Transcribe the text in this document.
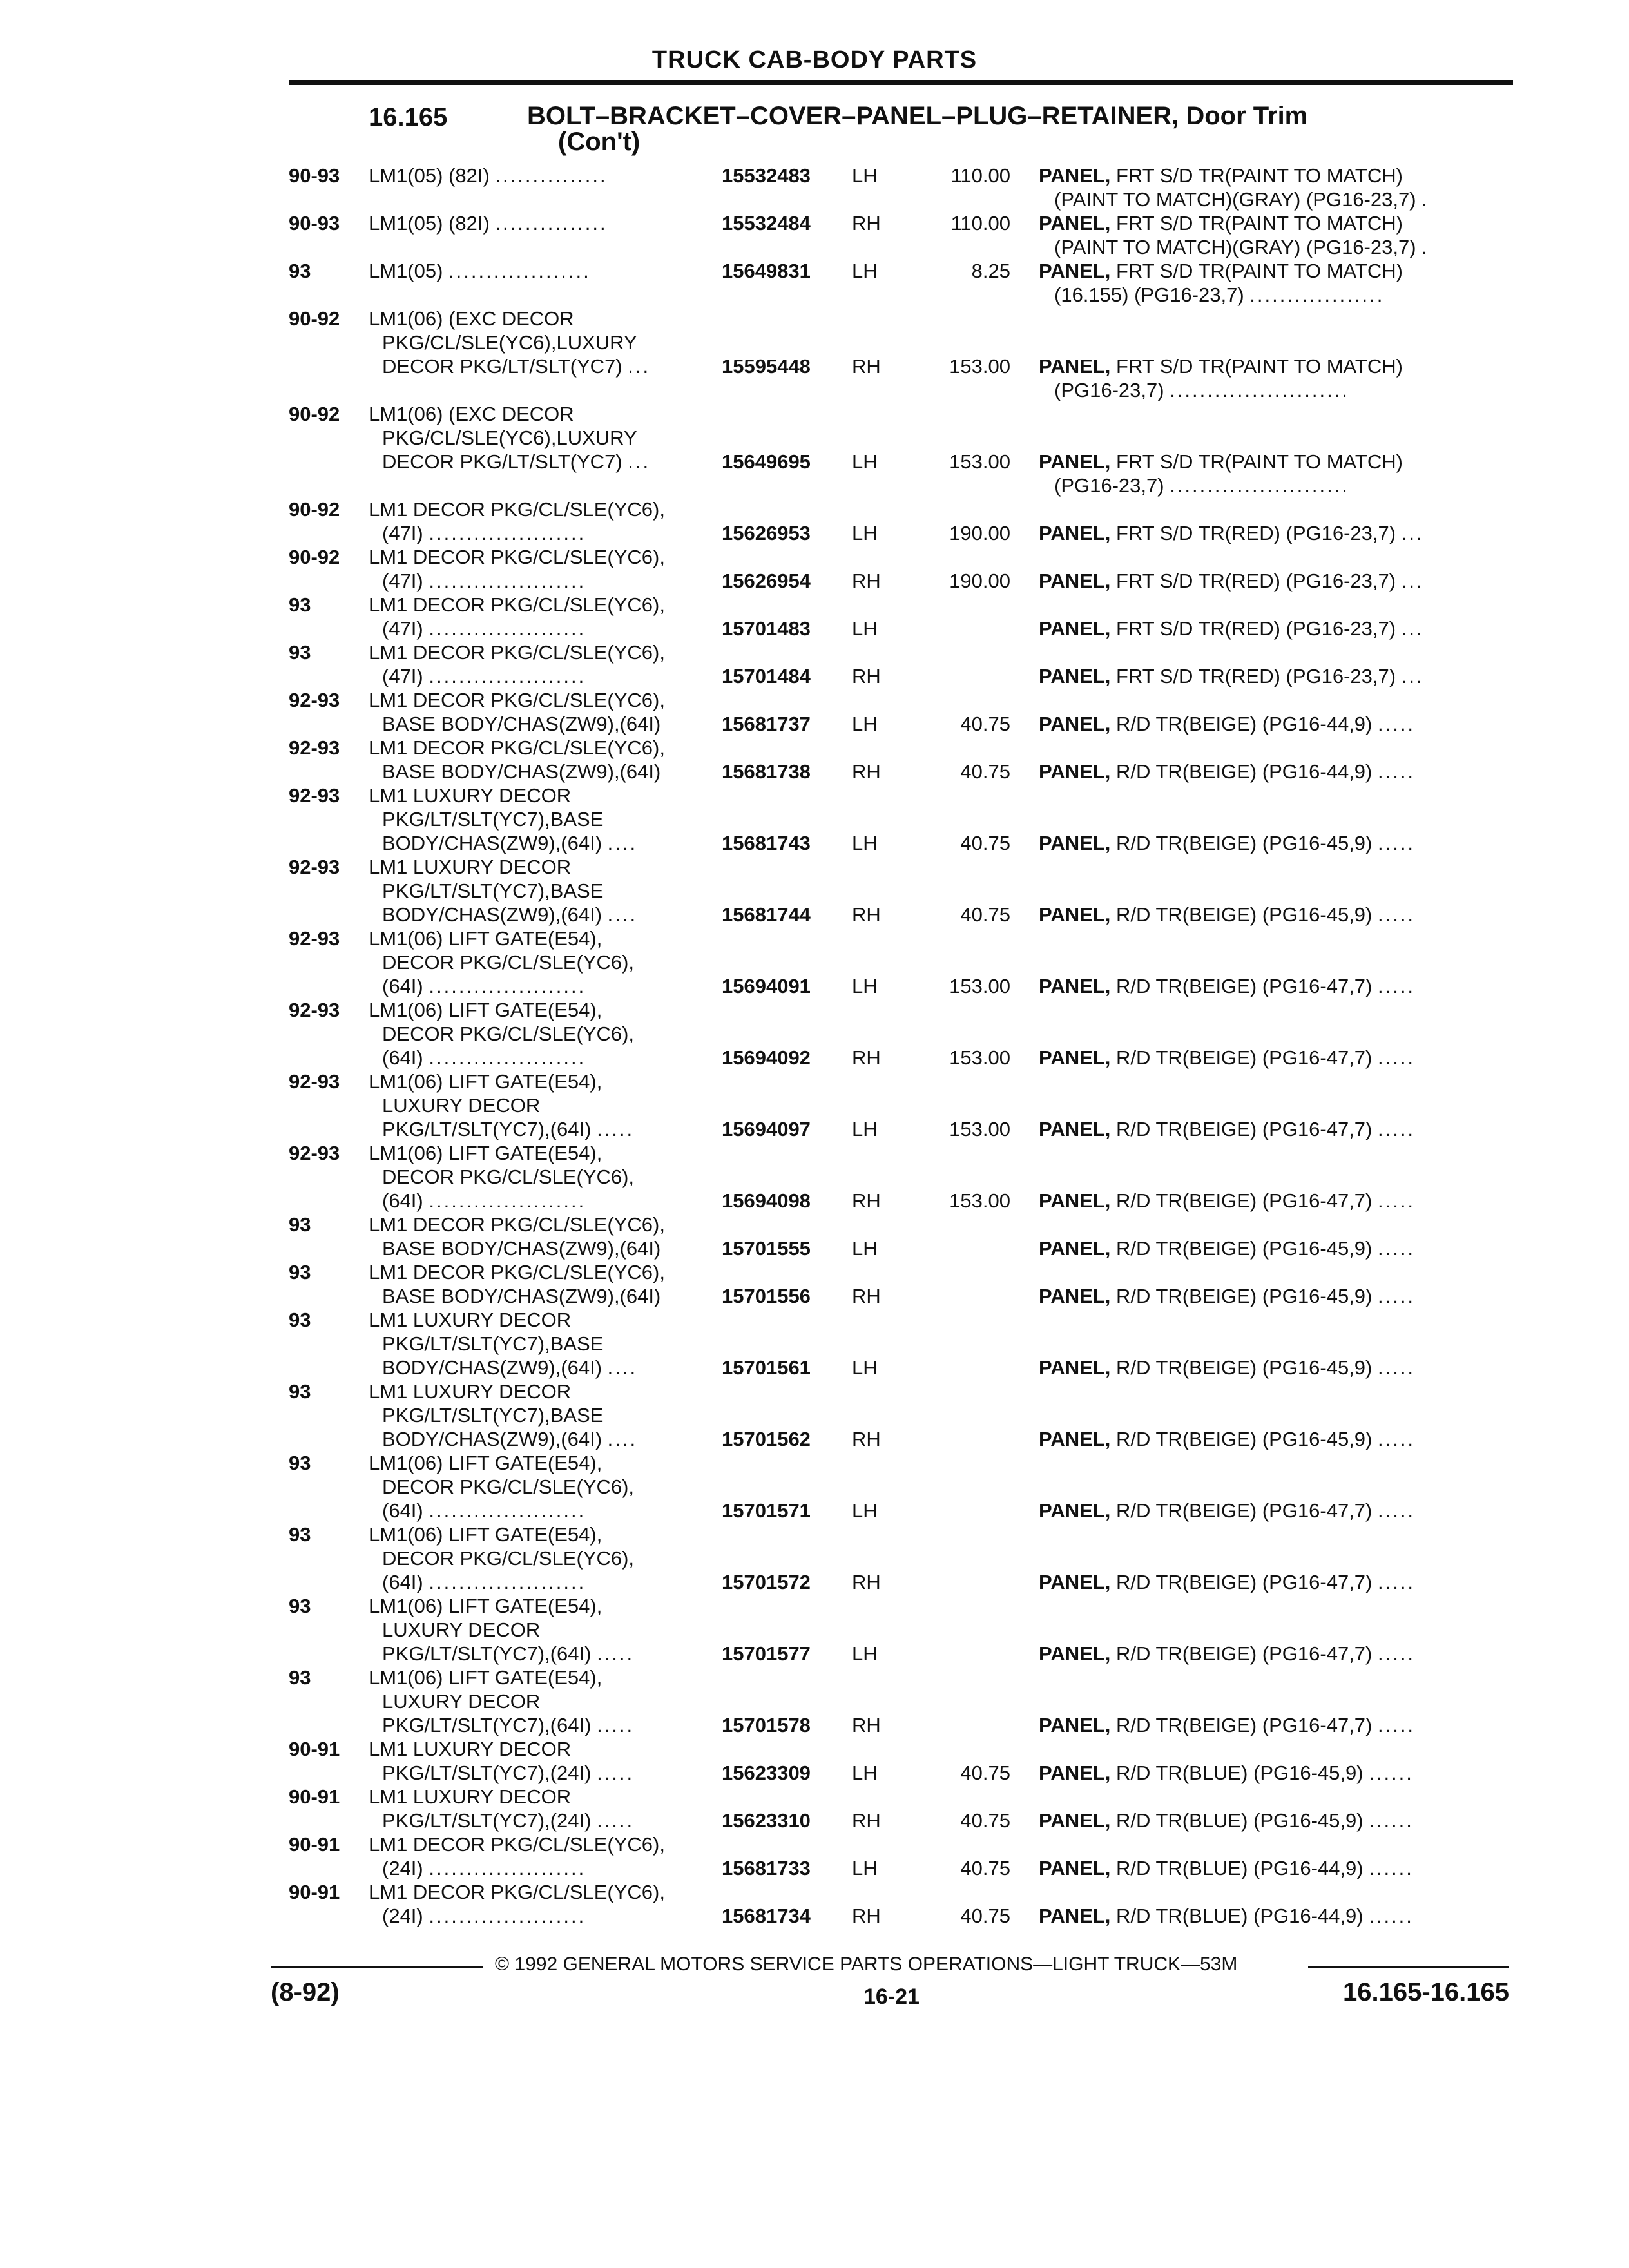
TRUCK CAB-BODY PARTS
16.165	BOLT–BRACKET–COVER–PANEL–PLUG–RETAINER, Door Trim
(Con't)
90-93 LM1(05) (82I) ...............	15532483 LH	110.00 PANEL, FRT S/D TR(PAINT TO MATCH)
(PAINT TO MATCH)(GRAY) (PG16-23,7) .
90-93 LM1(05) (82I) ...............	15532484 RH	110.00 PANEL, FRT S/D TR(PAINT TO MATCH)
(PAINT TO MATCH)(GRAY) (PG16-23,7) .
93	LM1(05) ...................	15649831 LH	8.25 PANEL, FRT S/D TR(PAINT TO MATCH)
(16.155) (PG16-23,7) ..................
90-92 LM1(06) (EXC DECOR
PKG/CL/SLE(YC6),LUXURY
DECOR PKG/LT/SLT(YC7) ...	15595448 RH	153.00 PANEL, FRT S/D TR(PAINT TO MATCH)
(PG16-23,7) ........................
90-92 LM1(06) (EXC DECOR
PKG/CL/SLE(YC6),LUXURY
DECOR PKG/LT/SLT(YC7) ...	15649695 LH	153.00 PANEL, FRT S/D TR(PAINT TO MATCH)
(PG16-23,7) ........................
90-92 LM1 DECOR PKG/CL/SLE(YC6),
(47I) .....................	15626953 LH	190.00 PANEL, FRT S/D TR(RED) (PG16-23,7) ...
90-92 LM1 DECOR PKG/CL/SLE(YC6),
(47I) .....................	15626954 RH	190.00 PANEL, FRT S/D TR(RED) (PG16-23,7) ...
93	LM1 DECOR PKG/CL/SLE(YC6),
(47I) .....................	15701483 LH	PANEL, FRT S/D TR(RED) (PG16-23,7) ...
93	LM1 DECOR PKG/CL/SLE(YC6),
(47I) .....................	15701484 RH	PANEL, FRT S/D TR(RED) (PG16-23,7) ...
92-93 LM1 DECOR PKG/CL/SLE(YC6),
BASE BODY/CHAS(ZW9),(64I)	15681737 LH	40.75 PANEL, R/D TR(BEIGE) (PG16-44,9) .....
92-93 LM1 DECOR PKG/CL/SLE(YC6),
BASE BODY/CHAS(ZW9),(64I)	15681738 RH	40.75 PANEL, R/D TR(BEIGE) (PG16-44,9) .....
92-93 LM1 LUXURY DECOR
PKG/LT/SLT(YC7),BASE
BODY/CHAS(ZW9),(64I) ....	15681743 LH	40.75 PANEL, R/D TR(BEIGE) (PG16-45,9) .....
92-93 LM1 LUXURY DECOR
PKG/LT/SLT(YC7),BASE
BODY/CHAS(ZW9),(64I) ....	15681744 RH	40.75 PANEL, R/D TR(BEIGE) (PG16-45,9) .....
92-93 LM1(06) LIFT GATE(E54),
DECOR PKG/CL/SLE(YC6),
(64I) .....................	15694091 LH	153.00 PANEL, R/D TR(BEIGE) (PG16-47,7) .....
92-93 LM1(06) LIFT GATE(E54),
DECOR PKG/CL/SLE(YC6),
(64I) .....................	15694092 RH	153.00 PANEL, R/D TR(BEIGE) (PG16-47,7) .....
92-93 LM1(06) LIFT GATE(E54),
LUXURY DECOR
PKG/LT/SLT(YC7),(64I) .....	15694097 LH	153.00 PANEL, R/D TR(BEIGE) (PG16-47,7) .....
92-93 LM1(06) LIFT GATE(E54),
DECOR PKG/CL/SLE(YC6),
(64I) .....................	15694098 RH	153.00 PANEL, R/D TR(BEIGE) (PG16-47,7) .....
93	LM1 DECOR PKG/CL/SLE(YC6),
BASE BODY/CHAS(ZW9),(64I)	15701555 LH	PANEL, R/D TR(BEIGE) (PG16-45,9) .....
93	LM1 DECOR PKG/CL/SLE(YC6),
BASE BODY/CHAS(ZW9),(64I)	15701556 RH	PANEL, R/D TR(BEIGE) (PG16-45,9) .....
93	LM1 LUXURY DECOR
PKG/LT/SLT(YC7),BASE
BODY/CHAS(ZW9),(64I) ....	15701561 LH	PANEL, R/D TR(BEIGE) (PG16-45,9) .....
93	LM1 LUXURY DECOR
PKG/LT/SLT(YC7),BASE
BODY/CHAS(ZW9),(64I) ....	15701562 RH	PANEL, R/D TR(BEIGE) (PG16-45,9) .....
93	LM1(06) LIFT GATE(E54),
DECOR PKG/CL/SLE(YC6),
(64I) .....................	15701571 LH	PANEL, R/D TR(BEIGE) (PG16-47,7) .....
93	LM1(06) LIFT GATE(E54),
DECOR PKG/CL/SLE(YC6),
(64I) .....................	15701572 RH	PANEL, R/D TR(BEIGE) (PG16-47,7) .....
93	LM1(06) LIFT GATE(E54),
LUXURY DECOR
PKG/LT/SLT(YC7),(64I) .....	15701577 LH	PANEL, R/D TR(BEIGE) (PG16-47,7) .....
93	LM1(06) LIFT GATE(E54),
LUXURY DECOR
PKG/LT/SLT(YC7),(64I) .....	15701578 RH	PANEL, R/D TR(BEIGE) (PG16-47,7) .....
90-91 LM1 LUXURY DECOR
PKG/LT/SLT(YC7),(24I) .....	15623309 LH	40.75 PANEL, R/D TR(BLUE) (PG16-45,9) ......
90-91 LM1 LUXURY DECOR
PKG/LT/SLT(YC7),(24I) .....	15623310 RH	40.75 PANEL, R/D TR(BLUE) (PG16-45,9) ......
90-91 LM1 DECOR PKG/CL/SLE(YC6),
(24I) .....................	15681733 LH	40.75 PANEL, R/D TR(BLUE) (PG16-44,9) ......
90-91 LM1 DECOR PKG/CL/SLE(YC6),
(24I) .....................	15681734 RH	40.75 PANEL, R/D TR(BLUE) (PG16-44,9) ......
© 1992 GENERAL MOTORS SERVICE PARTS OPERATIONS—LIGHT TRUCK—53M
(8-92)	16-21	16.165-16.165
